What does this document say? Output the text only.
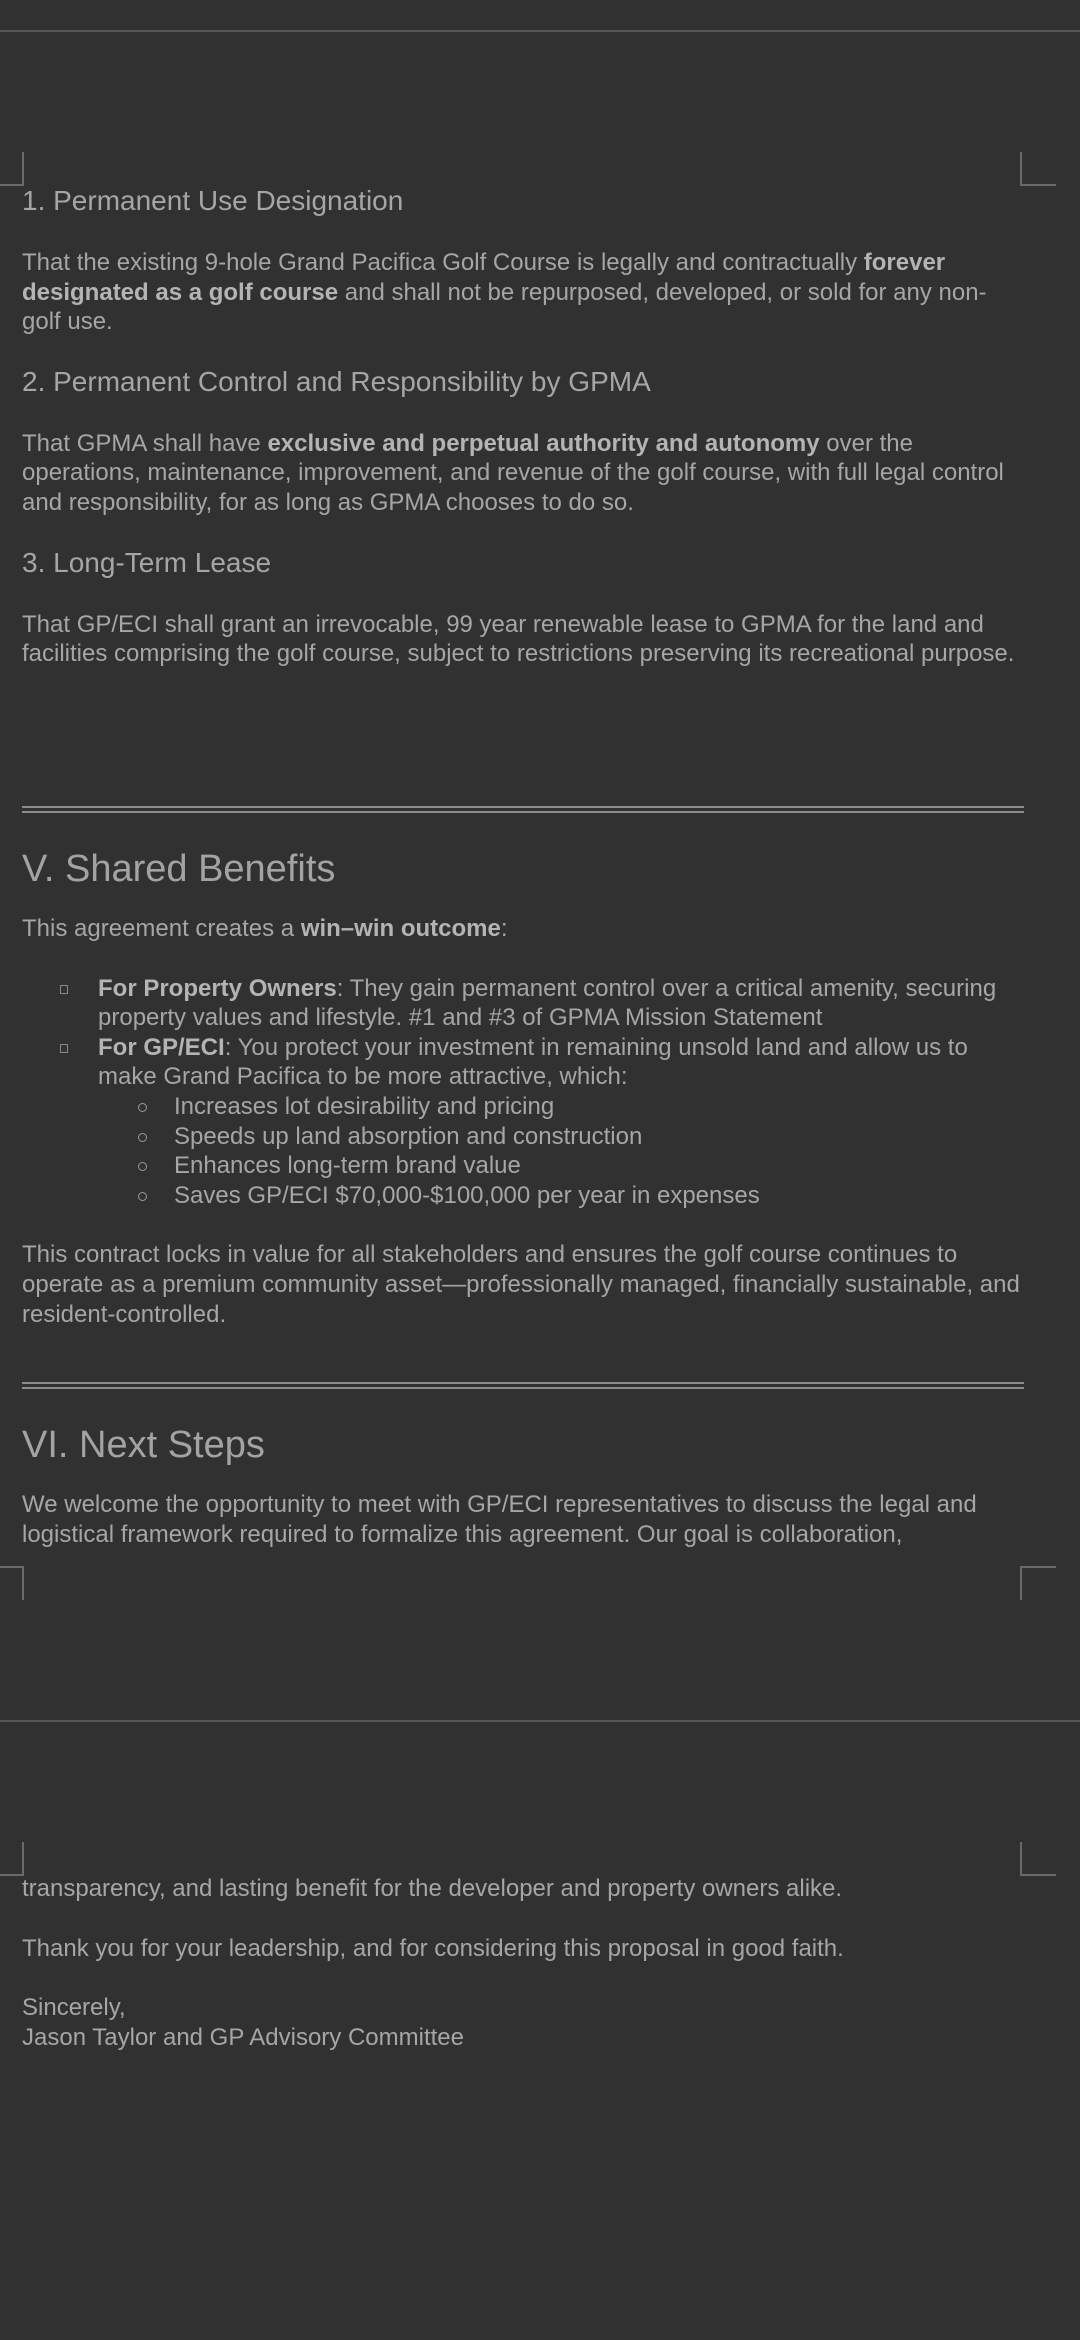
1. Permanent Use Designation

That the existing 9-hole Grand Pacifica Golf Course is legally and contractually forever designated as a golf course and shall not be repurposed, developed, or sold for any non-golf use.

2. Permanent Control and Responsibility by GPMA

That GPMA shall have exclusive and perpetual authority and autonomy over the operations, maintenance, improvement, and revenue of the golf course, with full legal control and responsibility, for as long as GPMA chooses to do so.

3. Long-Term Lease

That GP/ECI shall grant an irrevocable, 99 year renewable lease to GPMA for the land and facilities comprising the golf course, subject to restrictions preserving its recreational purpose.

V. Shared Benefits

This agreement creates a win–win outcome:

For Property Owners: They gain permanent control over a critical amenity, securing property values and lifestyle. #1 and #3 of GPMA Mission Statement
For GP/ECI: You protect your investment in remaining unsold land and allow us to make Grand Pacifica to be more attractive, which:
Increases lot desirability and pricing
Speeds up land absorption and construction
Enhances long-term brand value
Saves GP/ECI $70,000-$100,000 per year in expenses

This contract locks in value for all stakeholders and ensures the golf course continues to operate as a premium community asset—professionally managed, financially sustainable, and resident-controlled.

VI. Next Steps

We welcome the opportunity to meet with GP/ECI representatives to discuss the legal and logistical framework required to formalize this agreement. Our goal is collaboration,

transparency, and lasting benefit for the developer and property owners alike.

Thank you for your leadership, and for considering this proposal in good faith.

Sincerely,

Jason Taylor and GP Advisory Committee
